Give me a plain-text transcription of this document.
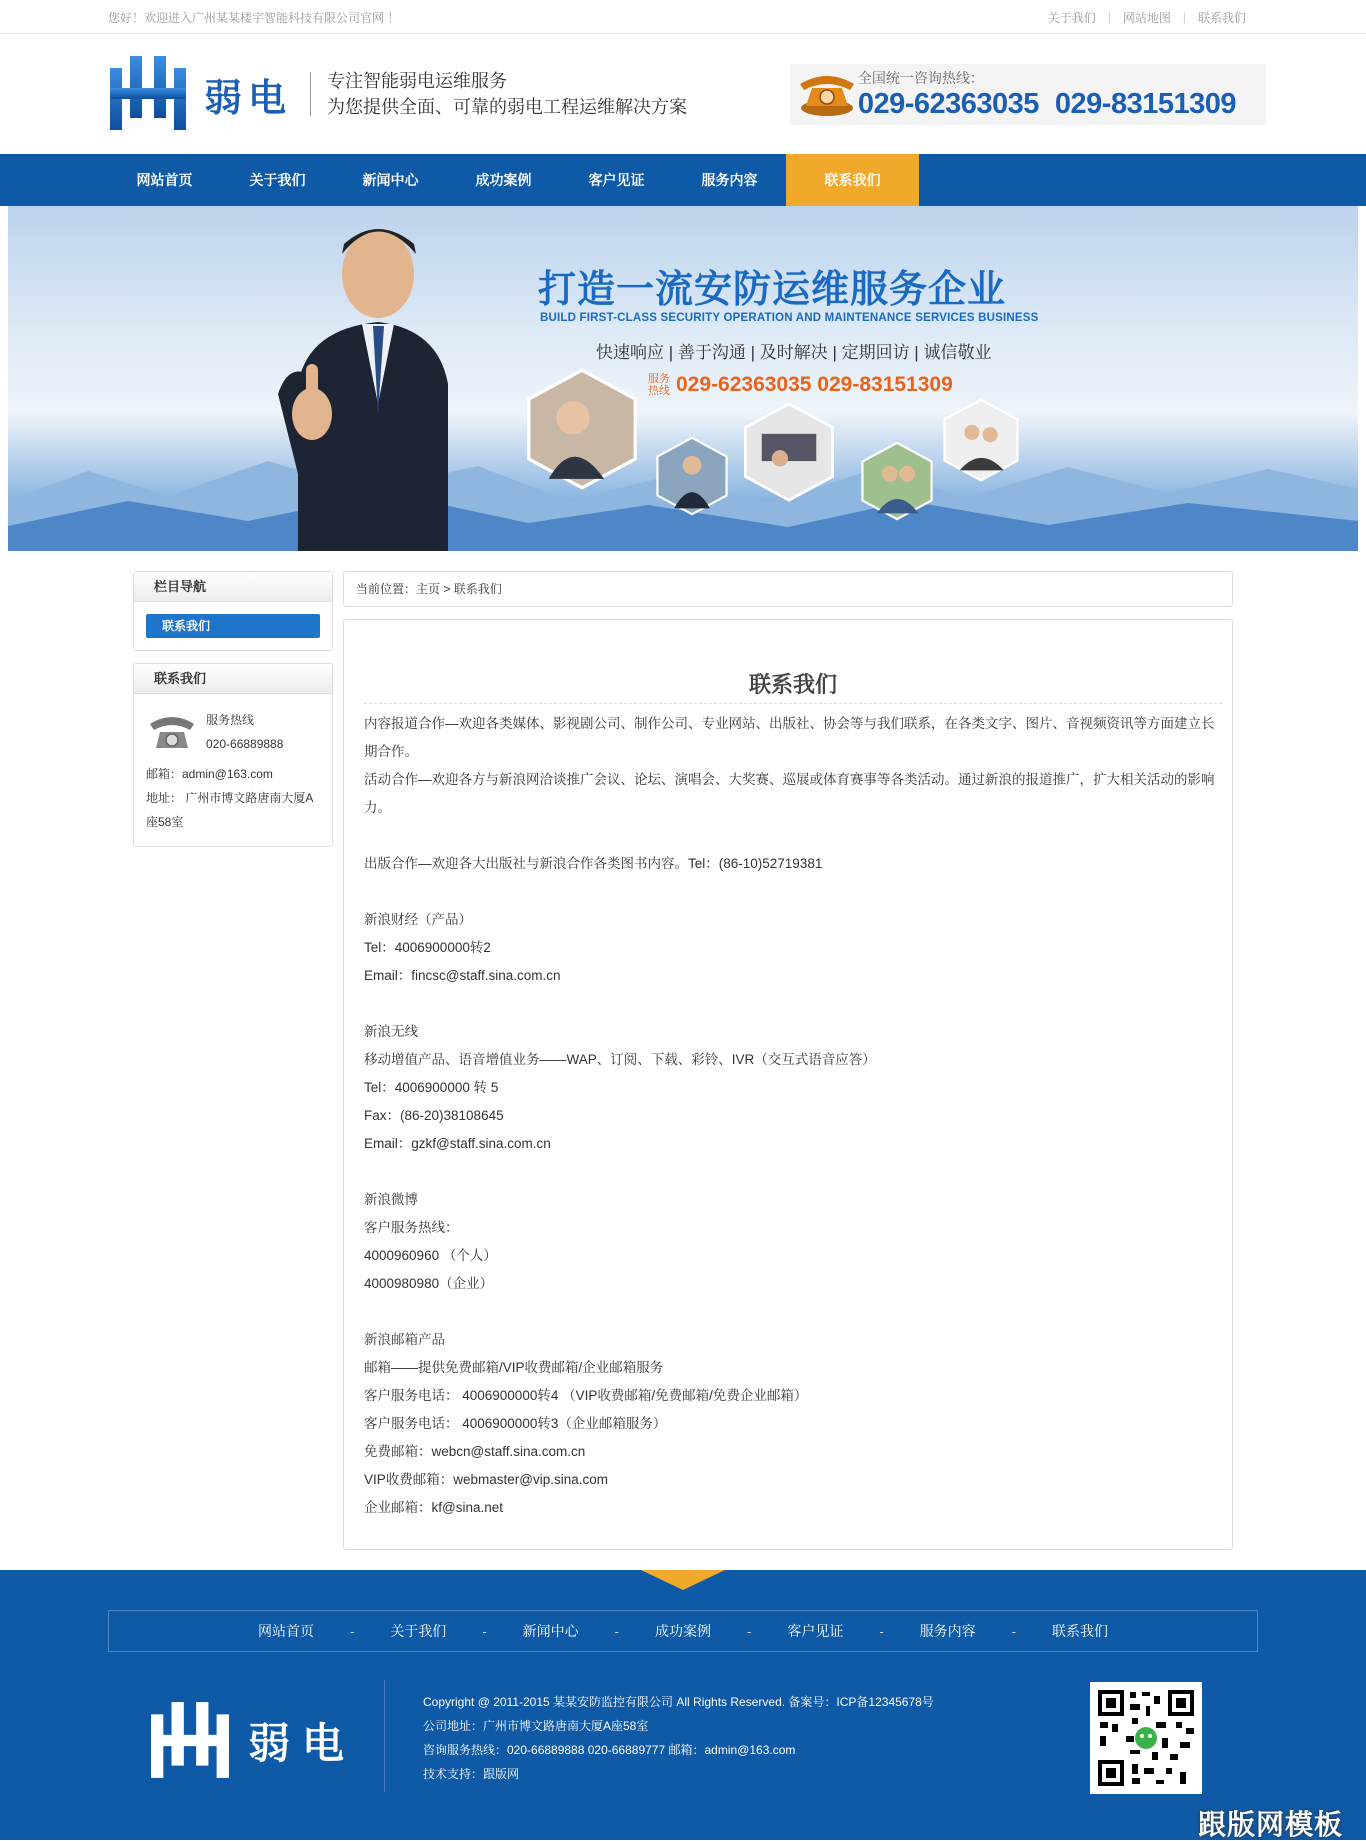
您好！欢迎进入广州某某楼宇智能科技有限公司官网 ！	关于我们	|	网站地图	|	联系我们
弱电 专注智能弱电运维服务
为您提供全面、可靠的弱电工程运维解决方案
全国统一咨询热线：
029-62363035 029-83151309
网站首页	关于我们	新闻中心	成功案例	客户见证	服务内容	联系我们
打造一流安防运维服务企业
BUILD FIRST-CLASS SECURITY OPERATION AND MAINTENANCE SERVICES BUSINESS
快速响应 | 善于沟通 | 及时解决 | 定期回访 | 诚信敬业
服务热线 029-62363035 029-83151309
栏目导航
联系我们
联系我们
服务热线
020-66889888
邮箱：admin@163.com
地址： 广州市博文路唐南大厦A座58室
当前位置：主页 > 联系我们
联系我们

内容报道合作—欢迎各类媒体、影视剧公司、制作公司、专业网站、出版社、协会等与我们联系，在各类文字、图片、音视频资讯等方面建立长期合作。

活动合作—欢迎各方与新浪网洽谈推广会议、论坛、演唱会、大奖赛、巡展或体育赛事等各类活动。通过新浪的报道推广，扩大相关活动的影响力。

出版合作—欢迎各大出版社与新浪合作各类图书内容。Tel：(86-10)52719381

新浪财经（产品）

Tel：4006900000转2

Email：fincsc@staff.sina.com.cn

新浪无线

移动增值产品、语音增值业务——WAP、订阅、下载、彩铃、IVR（交互式语音应答）

Tel：4006900000 转 5

Fax：(86-20)38108645

Email：gzkf@staff.sina.com.cn

新浪微博

客户服务热线：

4000960960 （个人）

4000980980（企业）

新浪邮箱产品

邮箱——提供免费邮箱/VIP收费邮箱/企业邮箱服务

客户服务电话： 4006900000转4 （VIP收费邮箱/免费邮箱/免费企业邮箱）

客户服务电话： 4006900000转3（企业邮箱服务）

免费邮箱：webcn@staff.sina.com.cn

VIP收费邮箱：webmaster@vip.sina.com

企业邮箱：kf@sina.net

网站首页	-	关于我们	-	新闻中心	-	成功案例	-	客户见证	-	服务内容	-	联系我们
弱电
Copyright @ 2011-2015 某某安防监控有限公司 All Rights Reserved. 备案号：ICP备12345678号
公司地址：广州市博文路唐南大厦A座58室
咨询服务热线：020-66889888 020-66889777 邮箱：admin@163.com
技术支持：跟版网
跟版网模板
